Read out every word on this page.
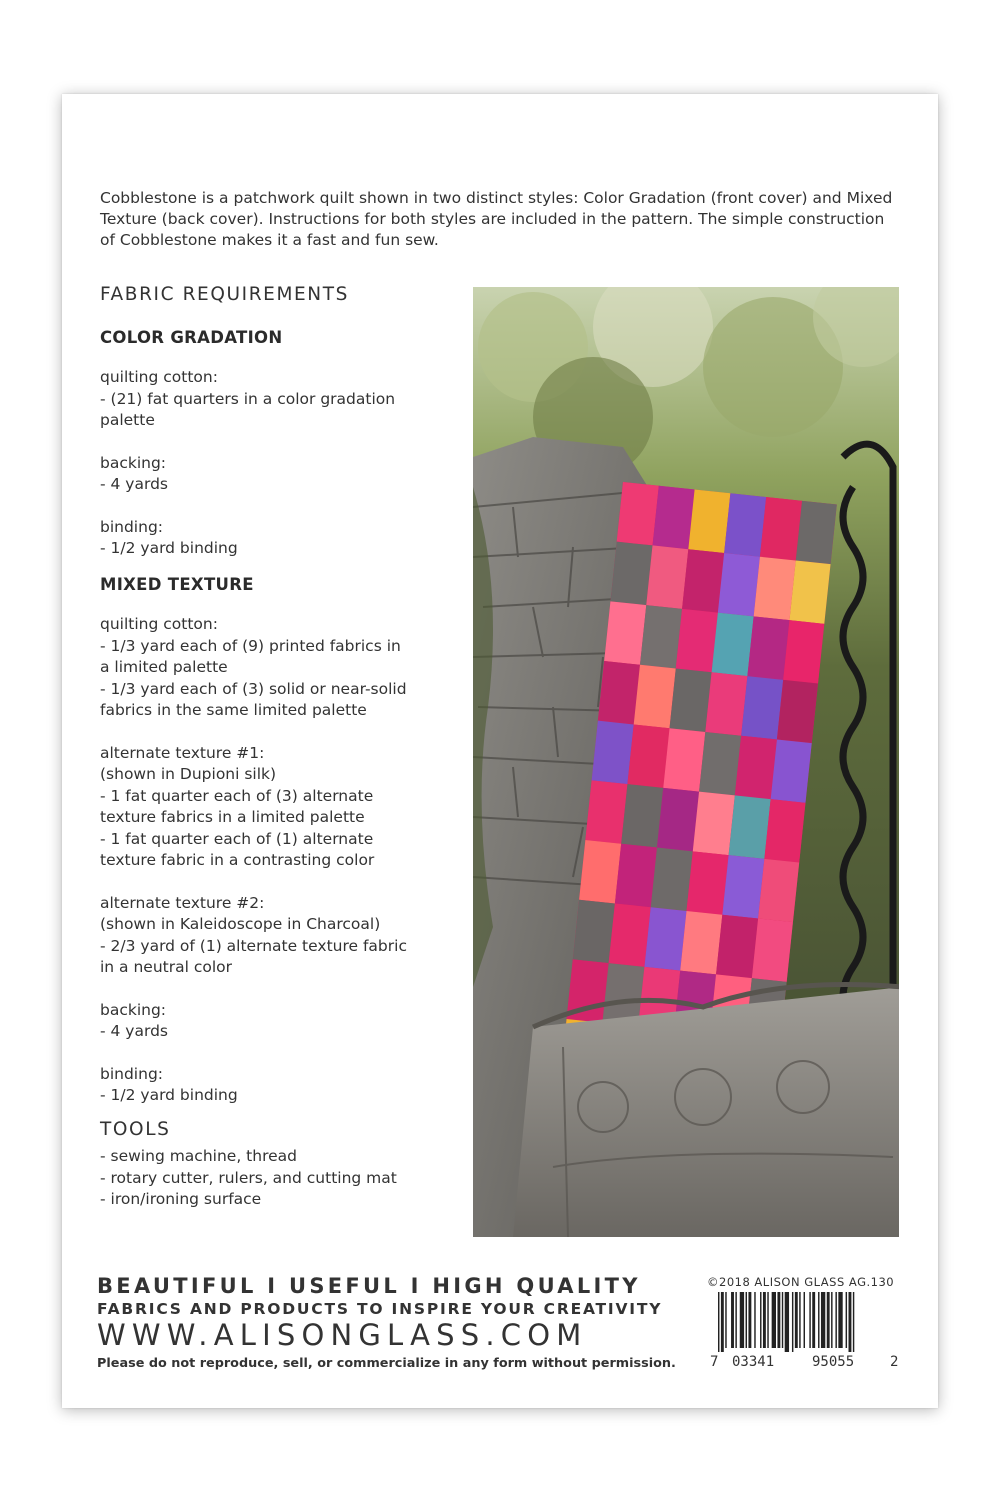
Cobblestone is a patchwork quilt shown in two distinct styles: Color Gradation (front cover) and Mixed Texture (back cover). Instructions for both styles are included in the pattern. The simple construction of Cobblestone makes it a fast and fun sew.

FABRIC REQUIREMENTS

COLOR GRADATION

quilting cotton:
- (21) fat quarters in a color gradation
palette
backing:
- 4 yards
binding:
- 1/2 yard binding

MIXED TEXTURE

quilting cotton:
- 1/3 yard each of (9) printed fabrics in
a limited palette
- 1/3 yard each of (3) solid or near-solid
fabrics in the same limited palette
alternate texture #1:
(shown in Dupioni silk)
- 1 fat quarter each of (3) alternate
texture fabrics in a limited palette
- 1 fat quarter each of (1) alternate
texture fabric in a contrasting color
alternate texture #2:
(shown in Kaleidoscope in Charcoal)
- 2/3 yard of (1) alternate texture fabric
in a neutral color
backing:
- 4 yards
binding:
- 1/2 yard binding

TOOLS

- sewing machine, thread
- rotary cutter, rulers, and cutting mat
- iron/ironing surface
BEAUTIFUL I USEFUL I HIGH QUALITY
FABRICS AND PRODUCTS TO INSPIRE YOUR CREATIVITY
WWW.ALISONGLASS.COM
Please do not reproduce, sell, or commercialize in any form without permission.
©2018 ALISON GLASS AG.130
7 03341	95055	2
